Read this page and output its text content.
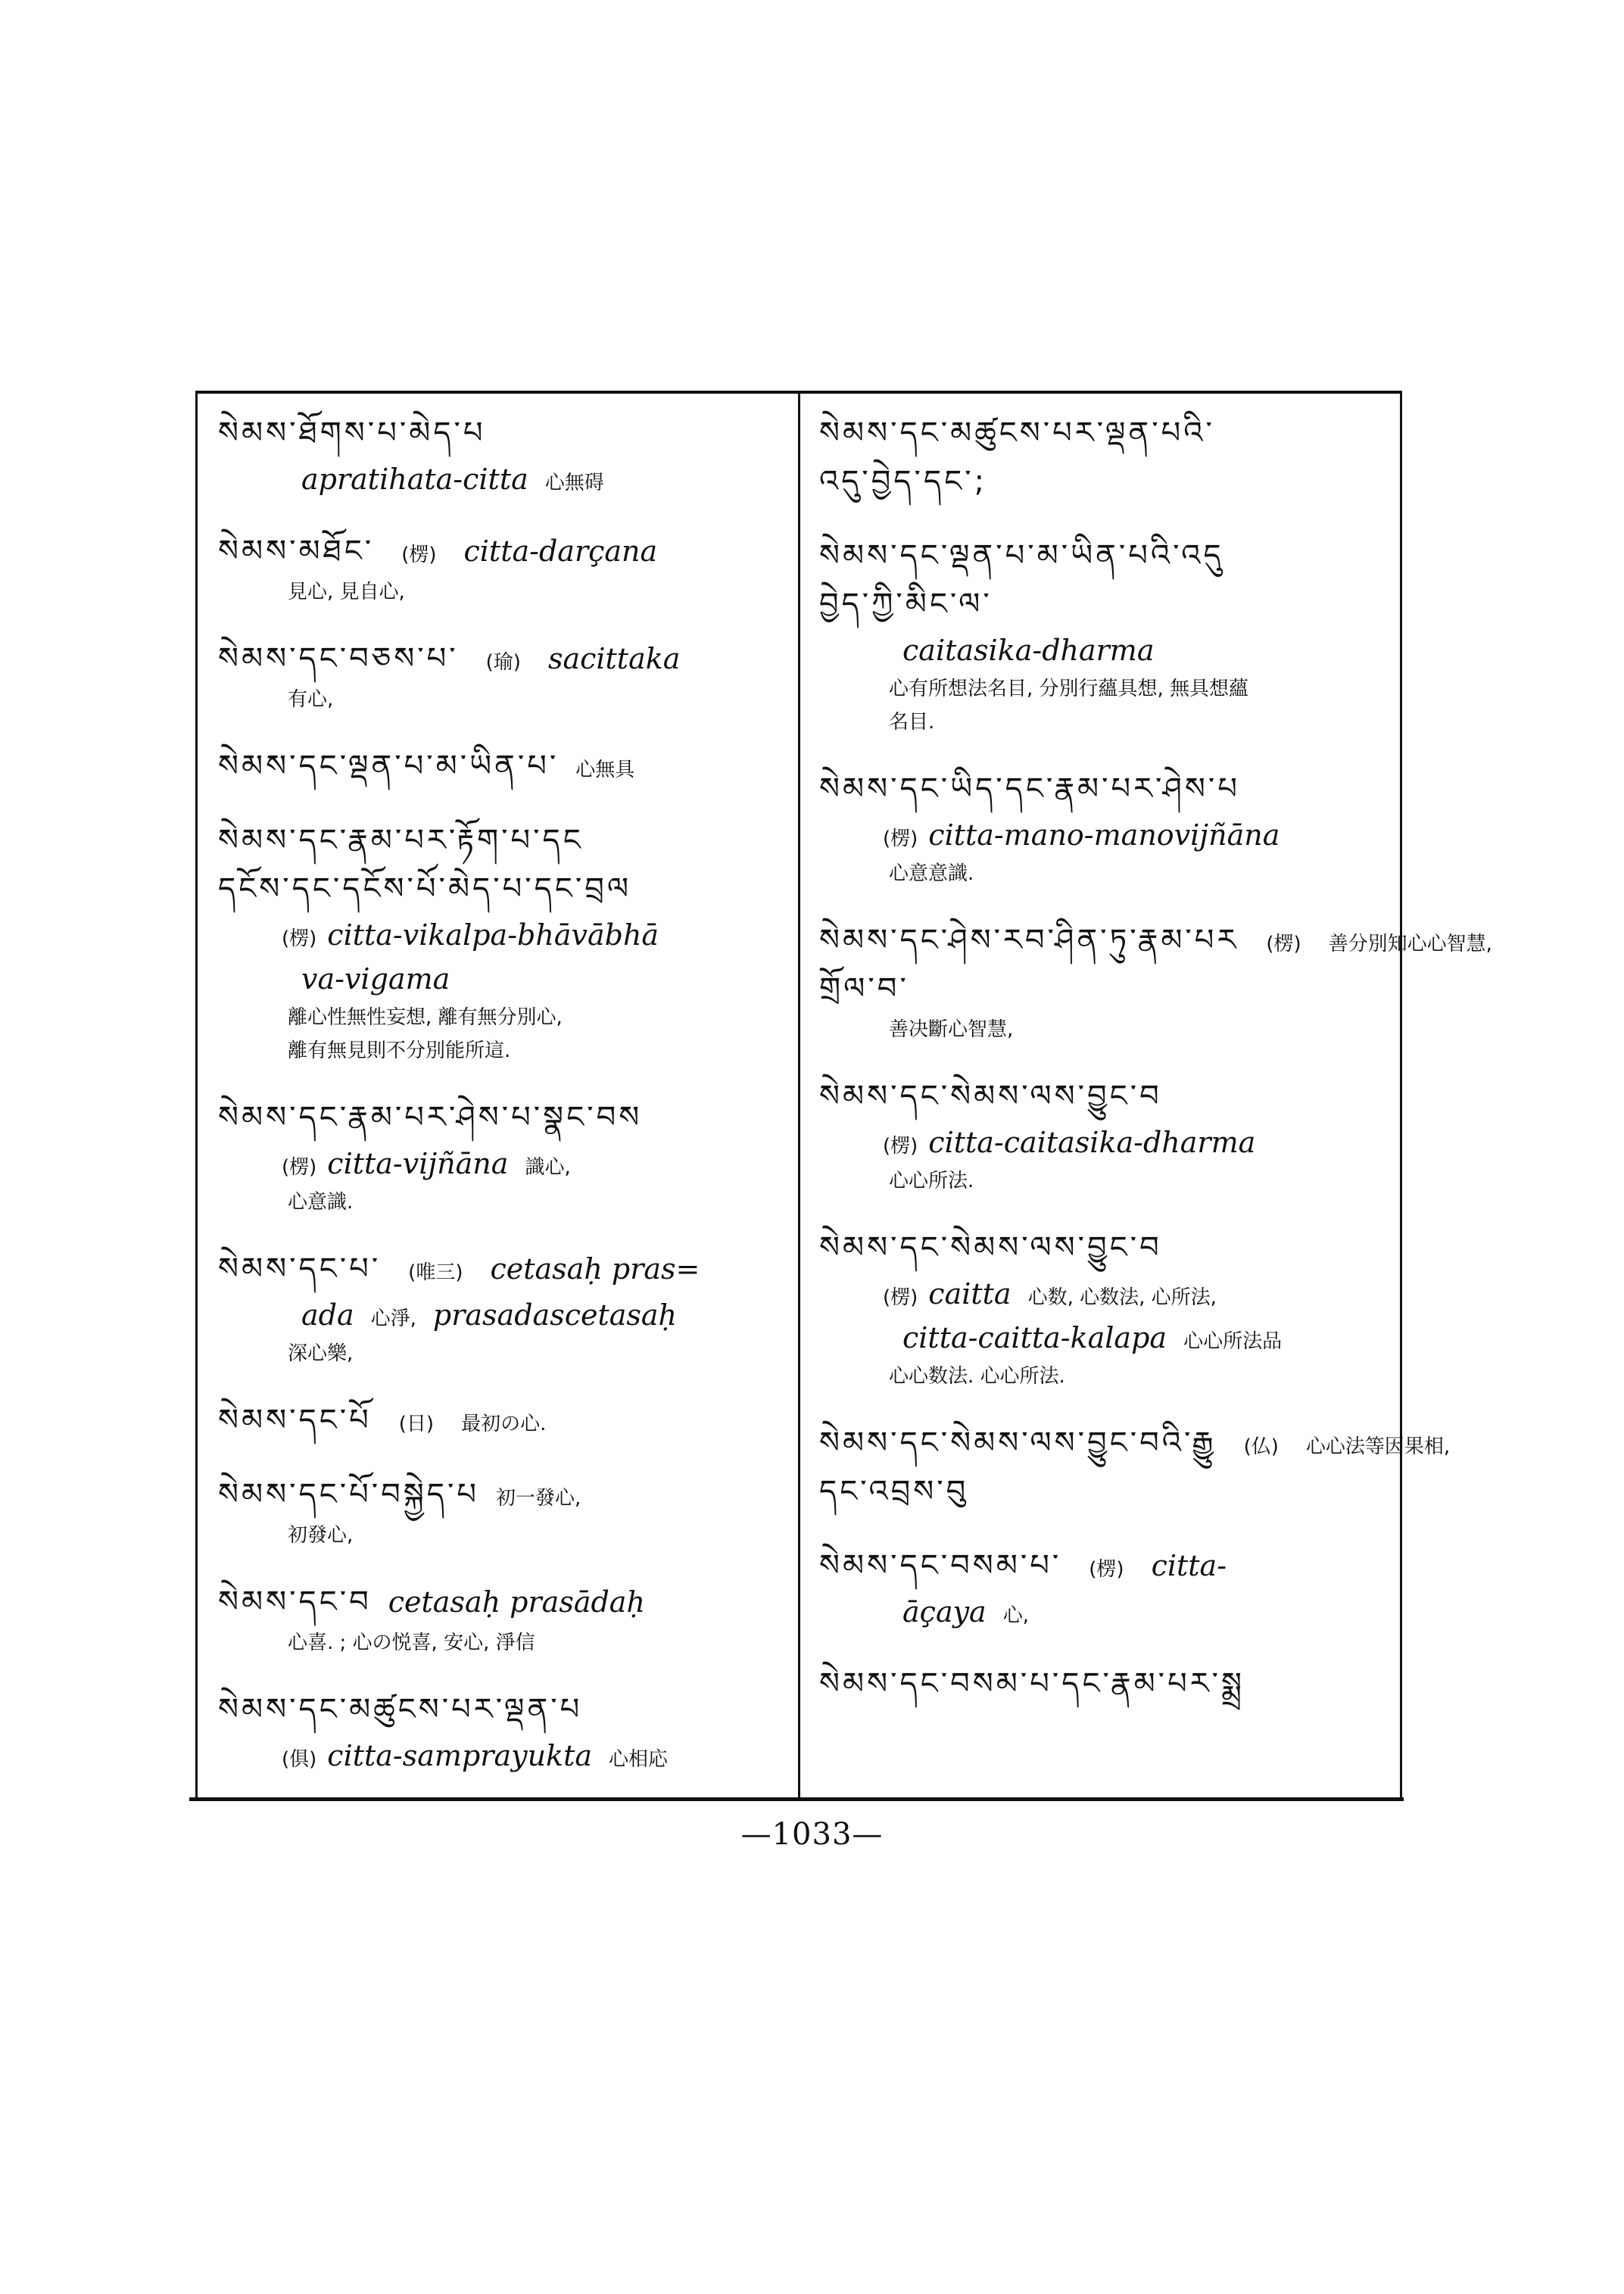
སེམས་ཐོགས་པ་མེད་པ
apratihata-citta 心無碍
སེམས་མཐོང་ (楞) citta-darçana
見心, 見自心,
སེམས་དང་བཅས་པ་ (瑜) sacittaka
有心,
སེམས་དང་ལྡན་པ་མ་ཡིན་པ་ 心無具
སེམས་དང་རྣམ་པར་རྟོག་པ་དང
དངོས་དང་དངོས་པོ་མེད་པ་དང་བྲལ
(楞) citta-vikalpa-bhāvābhā
va-vigama
離心性無性妄想, 離有無分別心,
離有無見則不分別能所這.
སེམས་དང་རྣམ་པར་ཤེས་པ་སྣང་བས
(楞) citta-vijñāna 識心,
心意識.
སེམས་དང་པ་ (唯三) cetasaḥ pras=
ada 心淨, prasadascetasaḥ
深心樂,
སེམས་དང་པོ (日) 最初の心.
སེམས་དང་པོ་བསྐྱེད་པ 初一發心,
初發心,
སེམས་དང་བ cetasaḥ prasādaḥ
心喜. ; 心の悦喜, 安心, 淨信
སེམས་དང་མཚུངས་པར་ལྡན་པ
(俱) citta-samprayukta 心相応
སེམས་དང་མཚུངས་པར་ལྡན་པའི་
འདུ་བྱེད་དང་;
སེམས་དང་ལྡན་པ་མ་ཡིན་པའི་འདུ
བྱེད་ཀྱི་མིང་ལ་
caitasika-dharma
心有所想法名目, 分別行蘊具想, 無具想蘊
名目.
སེམས་དང་ཡིད་དང་རྣམ་པར་ཤེས་པ
(楞) citta-mano-manovijñāna
心意意識.
སེམས་དང་ཤེས་རབ་ཤིན་ཏུ་རྣམ་པར (楞) 善分別知心心智慧,
གྲོལ་བ་
善决斷心智慧,
སེམས་དང་སེམས་ལས་བྱུང་བ
(楞) citta-caitasika-dharma
心心所法.
སེམས་དང་སེམས་ལས་བྱུང་བ
(楞) caitta 心数, 心数法, 心所法,
citta-caitta-kalapa 心心所法品
心心数法. 心心所法.
སེམས་དང་སེམས་ལས་བྱུང་བའི་རྒྱུ (仏) 心心法等因果相,
དང་འབྲས་བུ
སེམས་དང་བསམ་པ་ (楞) citta-
āçaya 心,
སེམས་དང་བསམ་པ་དང་རྣམ་པར་སྨྲ
—1033—
